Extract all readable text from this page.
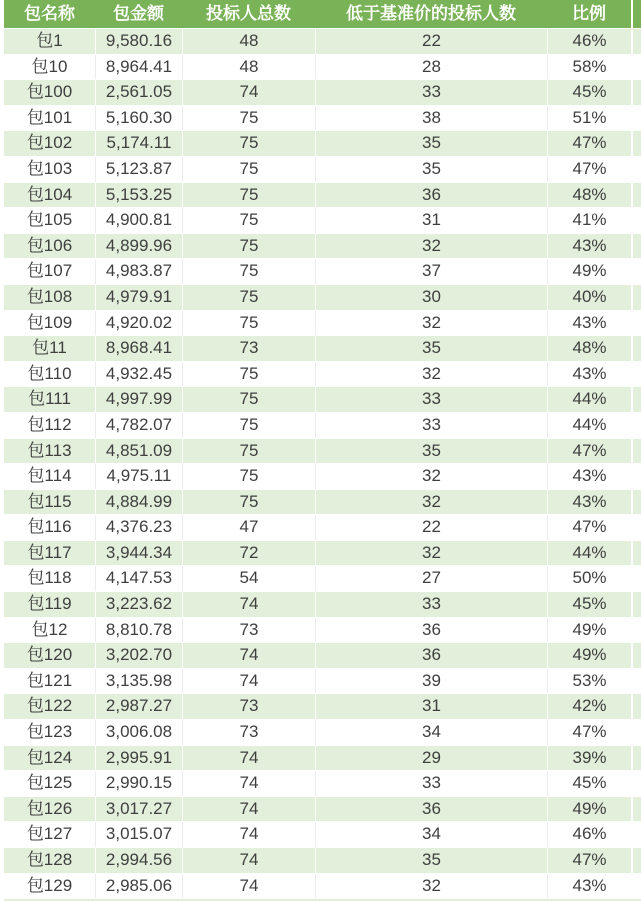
包名称	包金额	投标人总数	低于基准价的投标人数	比例
包1	9,580.16	48	22	46%
包10	8,964.41	48	28	58%
包100	2,561.05	74	33	45%
包101	5,160.30	75	38	51%
包102	5,174.11	75	35	47%
包103	5,123.87	75	35	47%
包104	5,153.25	75	36	48%
包105	4,900.81	75	31	41%
包106	4,899.96	75	32	43%
包107	4,983.87	75	37	49%
包108	4,979.91	75	30	40%
包109	4,920.02	75	32	43%
包11	8,968.41	73	35	48%
包110	4,932.45	75	32	43%
包111	4,997.99	75	33	44%
包112	4,782.07	75	33	44%
包113	4,851.09	75	35	47%
包114	4,975.11	75	32	43%
包115	4,884.99	75	32	43%
包116	4,376.23	47	22	47%
包117	3,944.34	72	32	44%
包118	4,147.53	54	27	50%
包119	3,223.62	74	33	45%
包12	8,810.78	73	36	49%
包120	3,202.70	74	36	49%
包121	3,135.98	74	39	53%
包122	2,987.27	73	31	42%
包123	3,006.08	73	34	47%
包124	2,995.91	74	29	39%
包125	2,990.15	74	33	45%
包126	3,017.27	74	36	49%
包127	3,015.07	74	34	46%
包128	2,994.56	74	35	47%
包129	2,985.06	74	32	43%
